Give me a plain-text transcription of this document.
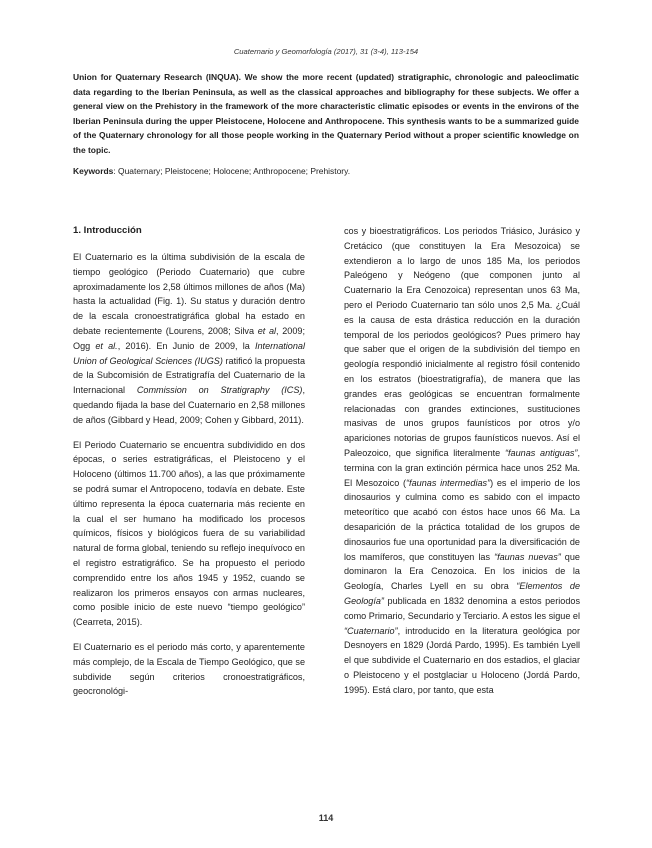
Cuaternario y Geomorfología (2017), 31 (3-4), 113-154
Union for Quaternary Research (INQUA). We show the more recent (updated) stratigraphic, chronologic and paleoclimatic data regarding to the Iberian Peninsula, as well as the classical approaches and bibliography for these subjects. We offer a general view on the Prehistory in the framework of the more characteristic climatic episodes or events in the environs of the Iberian Peninsula during the upper Pleistocene, Holocene and Anthropocene. This synthesis wants to be a summarized guide of the Quaternary chronology for all those people working in the Quaternary Period without a proper scientific knowledge on the topic.
Keywords: Quaternary; Pleistocene; Holocene; Anthropocene; Prehistory.
1. Introducción

El Cuaternario es la última subdivisión de la escala de tiempo geológico (Periodo Cuaternario) que cubre aproximadamente los 2,58 últimos millones de años (Ma) hasta la actualidad (Fig. 1). Su status y duración dentro de la escala cronoestratigráfica global ha estado en debate recientemente (Lourens, 2008; Silva et al, 2009; Ogg et al., 2016). En Junio de 2009, la International Union of Geological Sciences (IUGS) ratificó la propuesta de la Subcomisión de Estratigrafía del Cuaternario de la Internacional Commission on Stratigraphy (ICS), quedando fijada la base del Cuaternario en 2,58 millones de años (Gibbard y Head, 2009; Cohen y Gibbard, 2011).

El Periodo Cuaternario se encuentra subdividido en dos épocas, o series estratigráficas, el Pleistoceno y el Holoceno (últimos 11.700 años), a las que próximamente se podrá sumar el Antropoceno, todavía en debate. Este último representa la época cuaternaria más reciente en la cual el ser humano ha modificado los procesos químicos, físicos y biológicos fuera de su variabilidad natural de forma global, teniendo su reflejo inequívoco en el registro estratigráfico. Se ha propuesto el periodo comprendido entre los años 1945 y 1952, cuando se realizaron los primeros ensayos con armas nucleares, como posible inicio de este nuevo “tiempo geológico” (Cearreta, 2015).

El Cuaternario es el periodo más corto, y aparentemente más complejo, de la Escala de Tiempo Geológico, que se subdivide según criterios cronoestratigráficos, geocronológi-

cos y bioestratigráficos. Los periodos Triásico, Jurásico y Cretácico (que constituyen la Era Mesozoica) se extendieron a lo largo de unos 185 Ma, los periodos Paleógeno y Neógeno (que componen junto al Cuaternario la Era Cenozoica) representan unos 63 Ma, pero el Periodo Cuaternario tan sólo unos 2,5 Ma. ¿Cuál es la causa de esta drástica reducción en la duración temporal de los periodos geológicos? Pues primero hay que saber que el origen de la subdivisión del tiempo en geología respondió inicialmente al registro fósil contenido en los estratos (bioestratigrafía), de manera que las grandes eras geológicas se encuentran formalmente relacionadas con grandes extinciones, sustituciones masivas de unos grupos faunísticos por otros y/o apariciones notorias de grupos faunísticos nuevos. Así el Paleozoico, que significa literalmente “faunas antiguas”, termina con la gran extinción pérmica hace unos 252 Ma. El Mesozoico (“faunas intermedias”) es el imperio de los dinosaurios y culmina como es sabido con el impacto meteorítico que acabó con éstos hace unos 66 Ma. La desaparición de la práctica totalidad de los grupos de dinosaurios fue una oportunidad para la diversificación de los mamíferos, que constituyen las “faunas nuevas” que dominaron la Era Cenozoica. En los inicios de la Geología, Charles Lyell en su obra “Elementos de Geología” publicada en 1832 denomina a estos periodos como Primario, Secundario y Terciario. A estos les sigue el “Cuaternario”, introducido en la literatura geológica por Desnoyers en 1829 (Jordá Pardo, 1995). Es también Lyell el que subdivide el Cuaternario en dos estadios, el glaciar o Pleistoceno y el postglaciar u Holoceno (Jordá Pardo, 1995). Está claro, por tanto, que esta

114
